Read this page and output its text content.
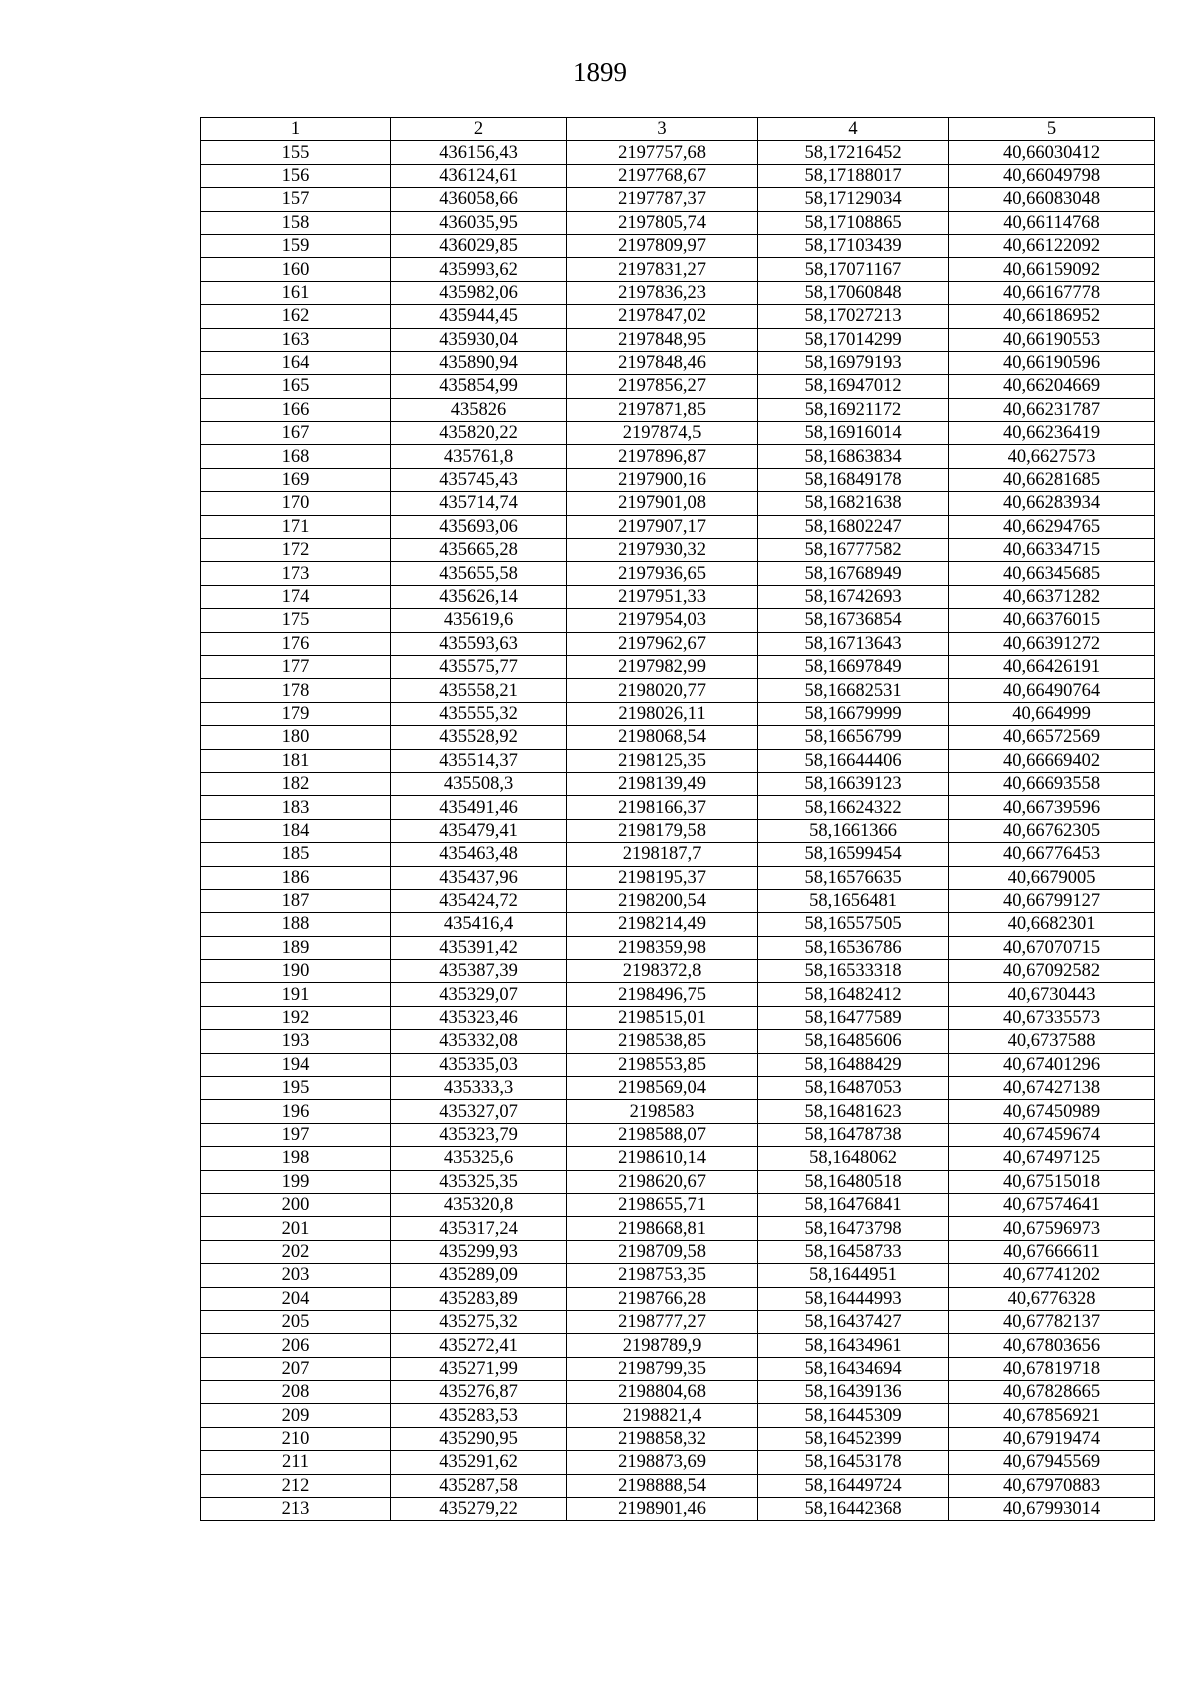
1899
1	2	3	4	5
155	436156,43	2197757,68	58,17216452	40,66030412
156	436124,61	2197768,67	58,17188017	40,66049798
157	436058,66	2197787,37	58,17129034	40,66083048
158	436035,95	2197805,74	58,17108865	40,66114768
159	436029,85	2197809,97	58,17103439	40,66122092
160	435993,62	2197831,27	58,17071167	40,66159092
161	435982,06	2197836,23	58,17060848	40,66167778
162	435944,45	2197847,02	58,17027213	40,66186952
163	435930,04	2197848,95	58,17014299	40,66190553
164	435890,94	2197848,46	58,16979193	40,66190596
165	435854,99	2197856,27	58,16947012	40,66204669
166	435826	2197871,85	58,16921172	40,66231787
167	435820,22	2197874,5	58,16916014	40,66236419
168	435761,8	2197896,87	58,16863834	40,6627573
169	435745,43	2197900,16	58,16849178	40,66281685
170	435714,74	2197901,08	58,16821638	40,66283934
171	435693,06	2197907,17	58,16802247	40,66294765
172	435665,28	2197930,32	58,16777582	40,66334715
173	435655,58	2197936,65	58,16768949	40,66345685
174	435626,14	2197951,33	58,16742693	40,66371282
175	435619,6	2197954,03	58,16736854	40,66376015
176	435593,63	2197962,67	58,16713643	40,66391272
177	435575,77	2197982,99	58,16697849	40,66426191
178	435558,21	2198020,77	58,16682531	40,66490764
179	435555,32	2198026,11	58,16679999	40,664999
180	435528,92	2198068,54	58,16656799	40,66572569
181	435514,37	2198125,35	58,16644406	40,66669402
182	435508,3	2198139,49	58,16639123	40,66693558
183	435491,46	2198166,37	58,16624322	40,66739596
184	435479,41	2198179,58	58,1661366	40,66762305
185	435463,48	2198187,7	58,16599454	40,66776453
186	435437,96	2198195,37	58,16576635	40,6679005
187	435424,72	2198200,54	58,1656481	40,66799127
188	435416,4	2198214,49	58,16557505	40,6682301
189	435391,42	2198359,98	58,16536786	40,67070715
190	435387,39	2198372,8	58,16533318	40,67092582
191	435329,07	2198496,75	58,16482412	40,6730443
192	435323,46	2198515,01	58,16477589	40,67335573
193	435332,08	2198538,85	58,16485606	40,6737588
194	435335,03	2198553,85	58,16488429	40,67401296
195	435333,3	2198569,04	58,16487053	40,67427138
196	435327,07	2198583	58,16481623	40,67450989
197	435323,79	2198588,07	58,16478738	40,67459674
198	435325,6	2198610,14	58,1648062	40,67497125
199	435325,35	2198620,67	58,16480518	40,67515018
200	435320,8	2198655,71	58,16476841	40,67574641
201	435317,24	2198668,81	58,16473798	40,67596973
202	435299,93	2198709,58	58,16458733	40,67666611
203	435289,09	2198753,35	58,1644951	40,67741202
204	435283,89	2198766,28	58,16444993	40,6776328
205	435275,32	2198777,27	58,16437427	40,67782137
206	435272,41	2198789,9	58,16434961	40,67803656
207	435271,99	2198799,35	58,16434694	40,67819718
208	435276,87	2198804,68	58,16439136	40,67828665
209	435283,53	2198821,4	58,16445309	40,67856921
210	435290,95	2198858,32	58,16452399	40,67919474
211	435291,62	2198873,69	58,16453178	40,67945569
212	435287,58	2198888,54	58,16449724	40,67970883
213	435279,22	2198901,46	58,16442368	40,67993014
